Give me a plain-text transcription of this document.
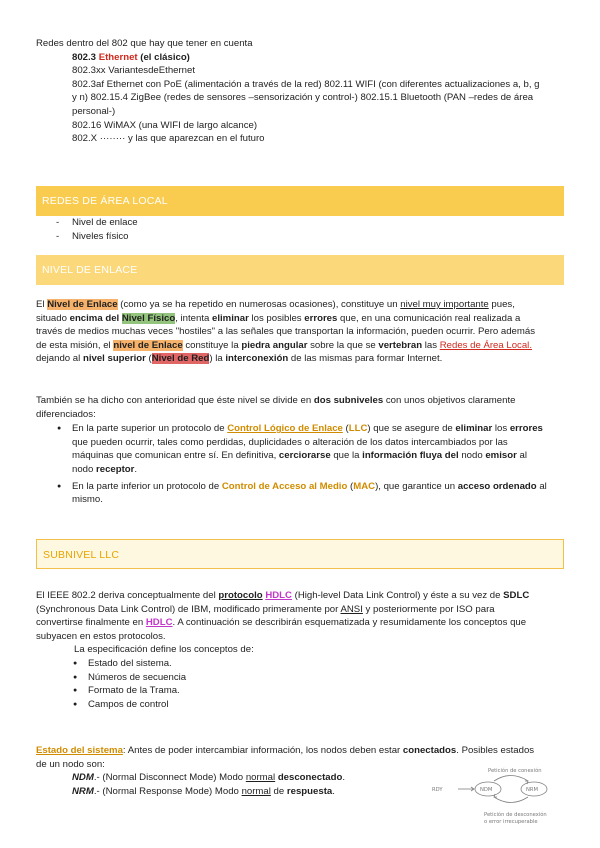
Redes dentro del 802 que hay que tener en cuenta
802.3 Ethernet (el clásico)
802.3xx VariantesdeEthernet
802.3af Ethernet con PoE (alimentación a través de la red) 802.11 WIFI (con diferentes actualizaciones a, b, g
y n) 802.15.4 ZigBee (redes de sensores –sensorización y control-) 802.15.1 Bluetooth (PAN –redes de área
personal-)
802.16 WiMAX (una WIFI de largo alcance)
802.X ········ y las que aparezcan en el futuro
REDES DE ÁREA LOCAL
- Nivel de enlace
- Niveles físico
NIVEL DE ENLACE
El Nivel de Enlace (como ya se ha repetido en numerosas ocasiones), constituye un nivel muy importante pues,
situado encima del Nivel Físico, intenta eliminar los posibles errores que, en una comunicación real realizada a
través de medios muchas veces "hostiles" a las señales que transportan la información, pueden ocurrir. Pero además
de esta misión, el nivel de Enlace constituye la piedra angular sobre la que se vertebran las Redes de Área Local.
dejando al nivel superior (Nivel de Red) la interconexión de las mismas para formar Internet.
También se ha dicho con anterioridad que éste nivel se divide en dos subniveles con unos objetivos claramente
diferenciados:
● En la parte superior un protocolo de Control Lógico de Enlace (LLC) que se asegure de eliminar los errores
que pueden ocurrir, tales como perdidas, duplicidades o alteración de los datos intercambiados por las
máquinas que comunican entre sí. En definitiva, cerciorarse que la información fluya del nodo emisor al
nodo receptor.
● En la parte inferior un protocolo de Control de Acceso al Medio (MAC), que garantice un acceso ordenado al
mismo.
SUBNIVEL LLC
El IEEE 802.2 deriva conceptualmente del protocolo HDLC (High-level Data Link Control) y éste a su vez de SDLC
(Synchronous Data Link Control) de IBM, modificado primeramente por ANSI y posteriormente por ISO para
convertirse finalmente en HDLC. A continuación se describirán esquematizada y resumidamente los conceptos que
subyacen en estos protocolos.
La especificación define los conceptos de:
● Estado del sistema.
● Números de secuencia
● Formato de la Trama.
● Campos de control
Estado del sistema: Antes de poder intercambiar información, los nodos deben estar conectados. Posibles estados
de un nodo son:
NDM.- (Normal Disconnect Mode) Modo normal desconectado.
NRM.- (Normal Response Mode) Modo normal de respuesta.
Petición de conexión
RDY	NDM	NRM
Petición de desconexión
o error irrecuperable
